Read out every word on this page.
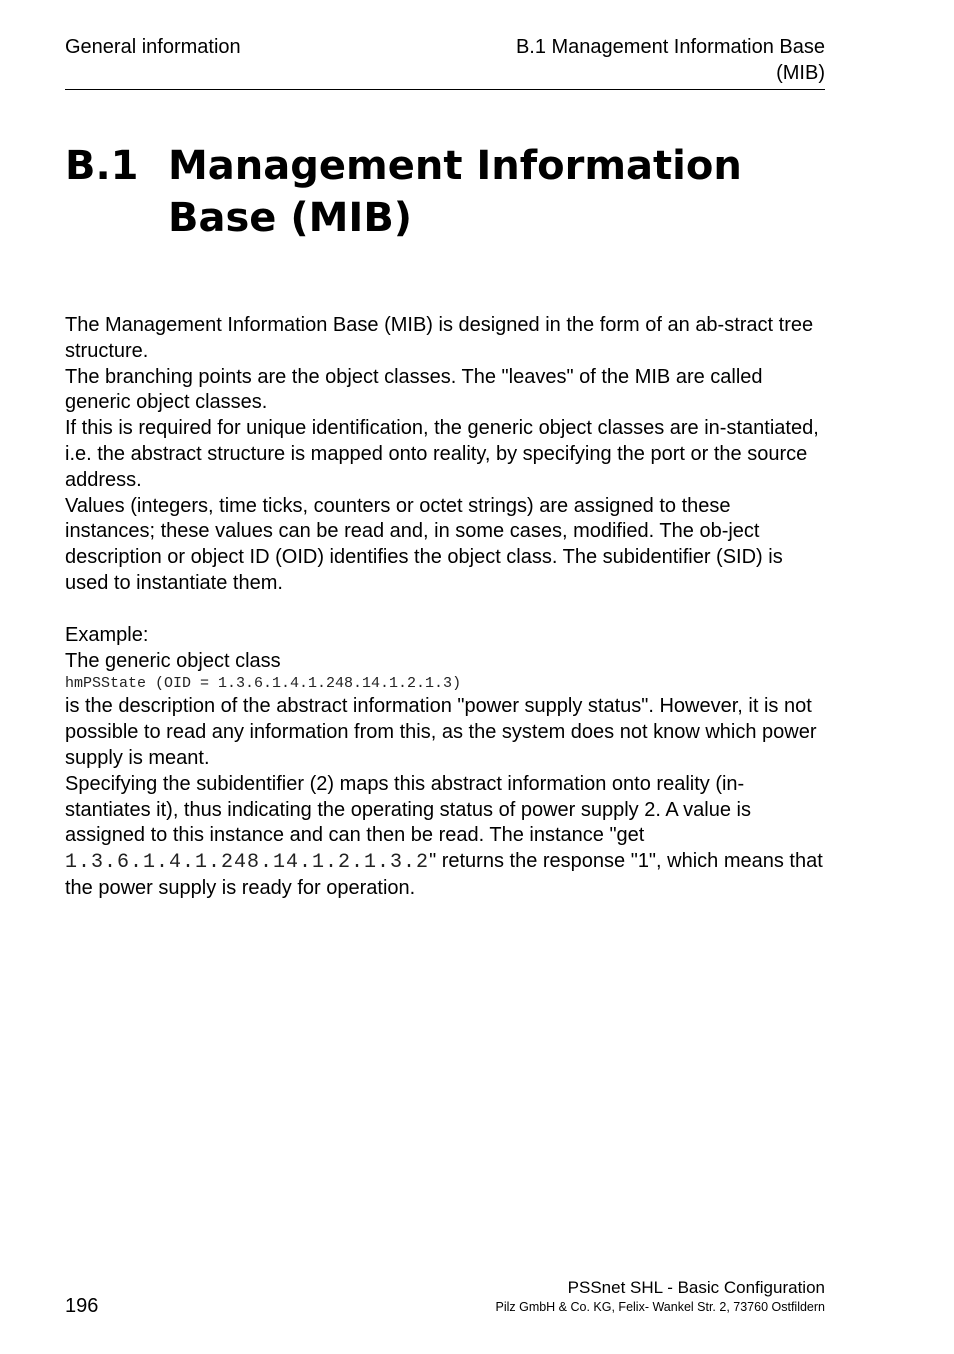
General information	B.1 Management Information Base
(MIB)
B.1 Management Information Base (MIB)

The Management Information Base (MIB) is designed in the form of an ab-stract tree structure.

The branching points are the object classes. The "leaves" of the MIB are called generic object classes.

If this is required for unique identification, the generic object classes are in-stantiated, i.e. the abstract structure is mapped onto reality, by specifying the port or the source address.

Values (integers, time ticks, counters or octet strings) are assigned to these instances; these values can be read and, in some cases, modified. The ob-ject description or object ID (OID) identifies the object class. The subidentifier (SID) is used to instantiate them.

Example:

The generic object class

hmPSState (OID = 1.3.6.1.4.1.248.14.1.2.1.3)

is the description of the abstract information "power supply status". However, it is not possible to read any information from this, as the system does not know which power supply is meant.

Specifying the subidentifier (2) maps this abstract information onto reality (in-stantiates it), thus indicating the operating status of power supply 2. A value is assigned to this instance and can then be read. The instance "get 1.3.6.1.4.1.248.14.1.2.1.3.2" returns the response "1", which means that the power supply is ready for operation.

196
PSSnet SHL - Basic Configuration
Pilz GmbH & Co. KG, Felix- Wankel Str. 2, 73760 Ostfildern
